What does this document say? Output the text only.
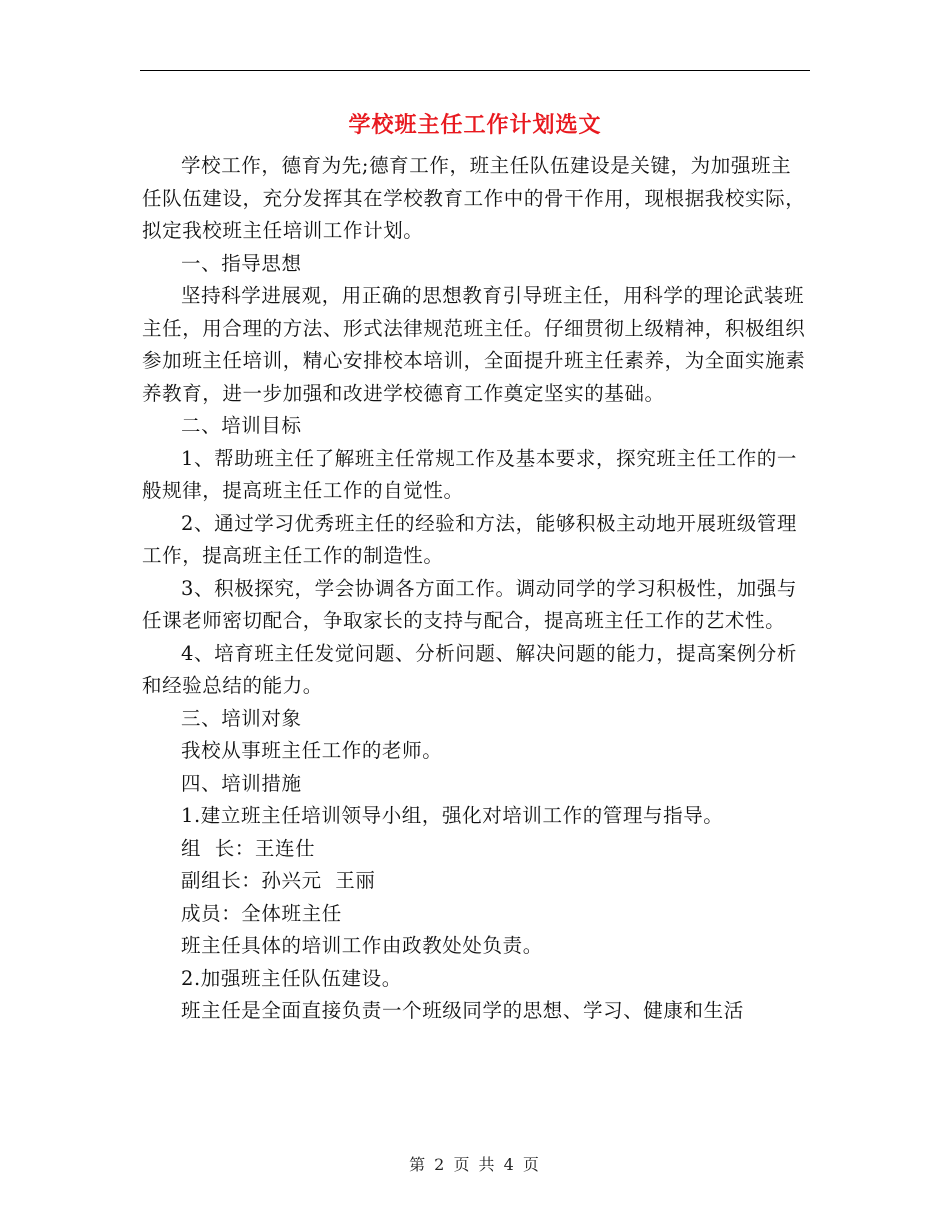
学校班主任工作计划选文

学校工作，德育为先;德育工作，班主任队伍建设是关键，为加强班主任队伍建设，充分发挥其在学校教育工作中的骨干作用，现根据我校实际，拟定我校班主任培训工作计划。

一、指导思想

坚持科学进展观，用正确的思想教育引导班主任，用科学的理论武装班主任，用合理的方法、形式法律规范班主任。仔细贯彻上级精神，积极组织参加班主任培训，精心安排校本培训，全面提升班主任素养，为全面实施素养教育，进一步加强和改进学校德育工作奠定坚实的基础。

二、培训目标

1、帮助班主任了解班主任常规工作及基本要求，探究班主任工作的一般规律，提高班主任工作的自觉性。

2、通过学习优秀班主任的经验和方法，能够积极主动地开展班级管理工作，提高班主任工作的制造性。

3、积极探究，学会协调各方面工作。调动同学的学习积极性，加强与任课老师密切配合，争取家长的支持与配合，提高班主任工作的艺术性。

4、培育班主任发觉问题、分析问题、解决问题的能力，提高案例分析和经验总结的能力。

三、培训对象

我校从事班主任工作的老师。

四、培训措施

1.建立班主任培训领导小组，强化对培训工作的管理与指导。

组  长：王连仕

副组长：孙兴元  王丽

成员：全体班主任

班主任具体的培训工作由政教处处负责。

2.加强班主任队伍建设。

班主任是全面直接负责一个班级同学的思想、学习、健康和生活

第 2 页 共 4 页
